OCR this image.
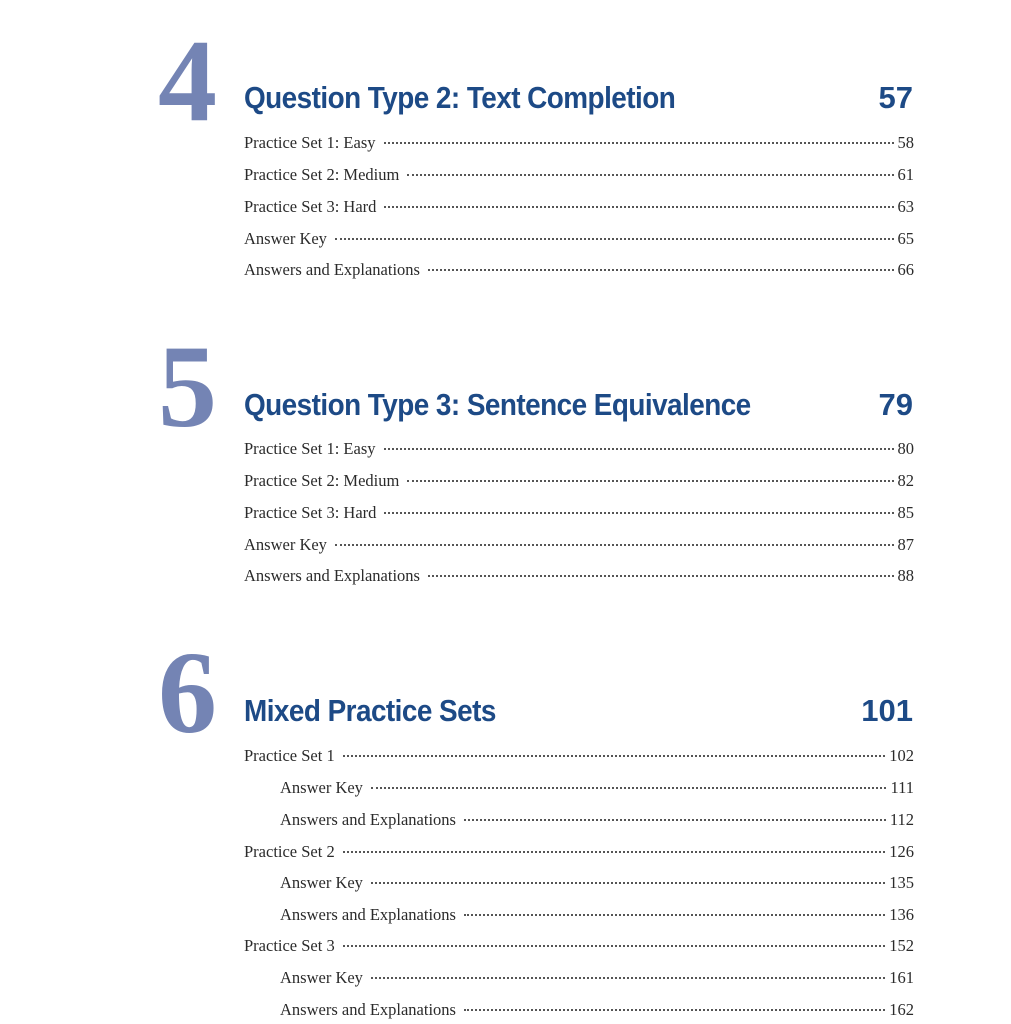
4 Question Type 2: Text Completion	57
Practice Set 1: Easy	58
Practice Set 2: Medium	61
Practice Set 3: Hard	63
Answer Key	65
Answers and Explanations	66
5 Question Type 3: Sentence Equivalence	79
Practice Set 1: Easy	80
Practice Set 2: Medium	82
Practice Set 3: Hard	85
Answer Key	87
Answers and Explanations	88
6 Mixed Practice Sets	101
Practice Set 1	102
Answer Key	111
Answers and Explanations	112
Practice Set 2	126
Answer Key	135
Answers and Explanations	136
Practice Set 3	152
Answer Key	161
Answers and Explanations	162
